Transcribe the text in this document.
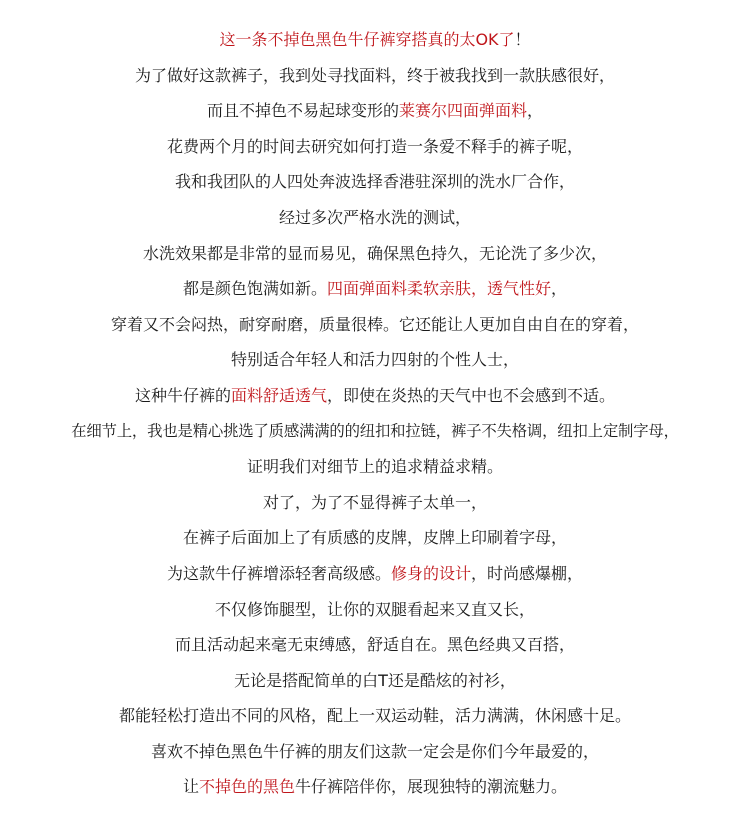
这一条不掉色黑色牛仔裤穿搭真的太OK了！
为了做好这款裤子，我到处寻找面料，终于被我找到一款肤感很好，
而且不掉色不易起球变形的莱赛尔四面弹面料，
花费两个月的时间去研究如何打造一条爱不释手的裤子呢，
我和我团队的人四处奔波选择香港驻深圳的洗水厂合作，
经过多次严格水洗的测试，
水洗效果都是非常的显而易见，确保黑色持久，无论洗了多少次，
都是颜色饱满如新。四面弹面料柔软亲肤，透气性好，
穿着又不会闷热，耐穿耐磨，质量很棒。它还能让人更加自由自在的穿着，
特别适合年轻人和活力四射的个性人士，
这种牛仔裤的面料舒适透气，即使在炎热的天气中也不会感到不适。
在细节上，我也是精心挑选了质感满满的的纽扣和拉链，裤子不失格调，纽扣上定制字母，
证明我们对细节上的追求精益求精。
对了，为了不显得裤子太单一，
在裤子后面加上了有质感的皮牌，皮牌上印刷着字母，
为这款牛仔裤增添轻奢高级感。修身的设计，时尚感爆棚，
不仅修饰腿型，让你的双腿看起来又直又长，
而且活动起来毫无束缚感，舒适自在。黑色经典又百搭，
无论是搭配简单的白T还是酷炫的衬衫，
都能轻松打造出不同的风格，配上一双运动鞋，活力满满，休闲感十足。
喜欢不掉色黑色牛仔裤的朋友们这款一定会是你们今年最爱的，
让不掉色的黑色牛仔裤陪伴你，展现独特的潮流魅力。
